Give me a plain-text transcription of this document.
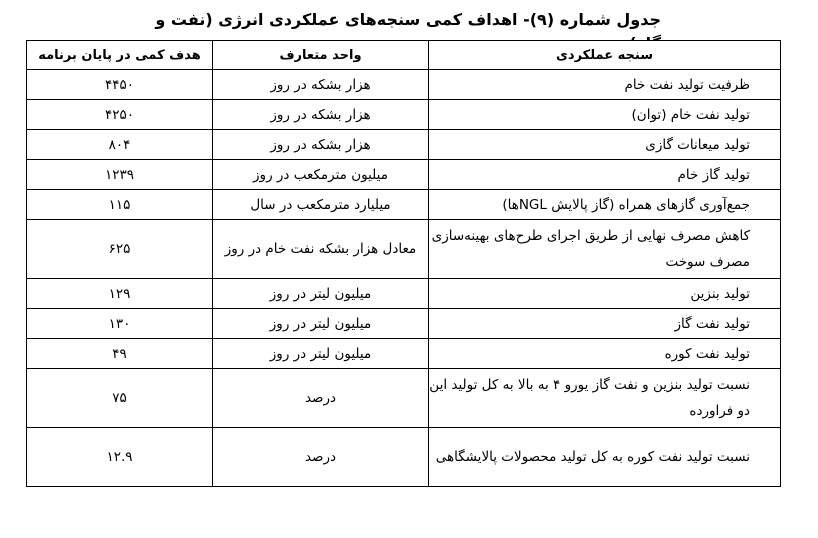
جدول شماره (۹)- اهداف کمی سنجه‌های عملکردی انرژی (نفت و
سنجه عملکردی	واحد متعارف	هدف کمی در پایان برنامه
ظرفیت تولید نفت خام	هزار بشکه در روز	۴۴۵۰
تولید نفت خام (توان)	هزار بشکه در روز	۴۲۵۰
تولید میعانات گازی	هزار بشکه در روز	۸۰۴
تولید گاز خام	میلیون مترمکعب در روز	۱۲۳۹
جمع‌آوری گازهای همراه (گاز پالایش NGLها)	میلیارد مترمکعب در سال	۱۱۵
کاهش مصرف نهایی از طریق اجرای طرح‌های بهینه‌سازی مصرف سوخت	معادل هزار بشکه نفت خام در روز	۶۲۵
تولید بنزین	میلیون لیتر در روز	۱۲۹
تولید نفت گاز	میلیون لیتر در روز	۱۳۰
تولید نفت کوره	میلیون لیتر در روز	۴۹
نسبت تولید بنزین و نفت گاز یورو ۴ به بالا به کل تولید این دو فراورده	درصد	۷۵
نسبت تولید نفت کوره به کل تولید محصولات پالایشگاهی	درصد	۱۲.۹
